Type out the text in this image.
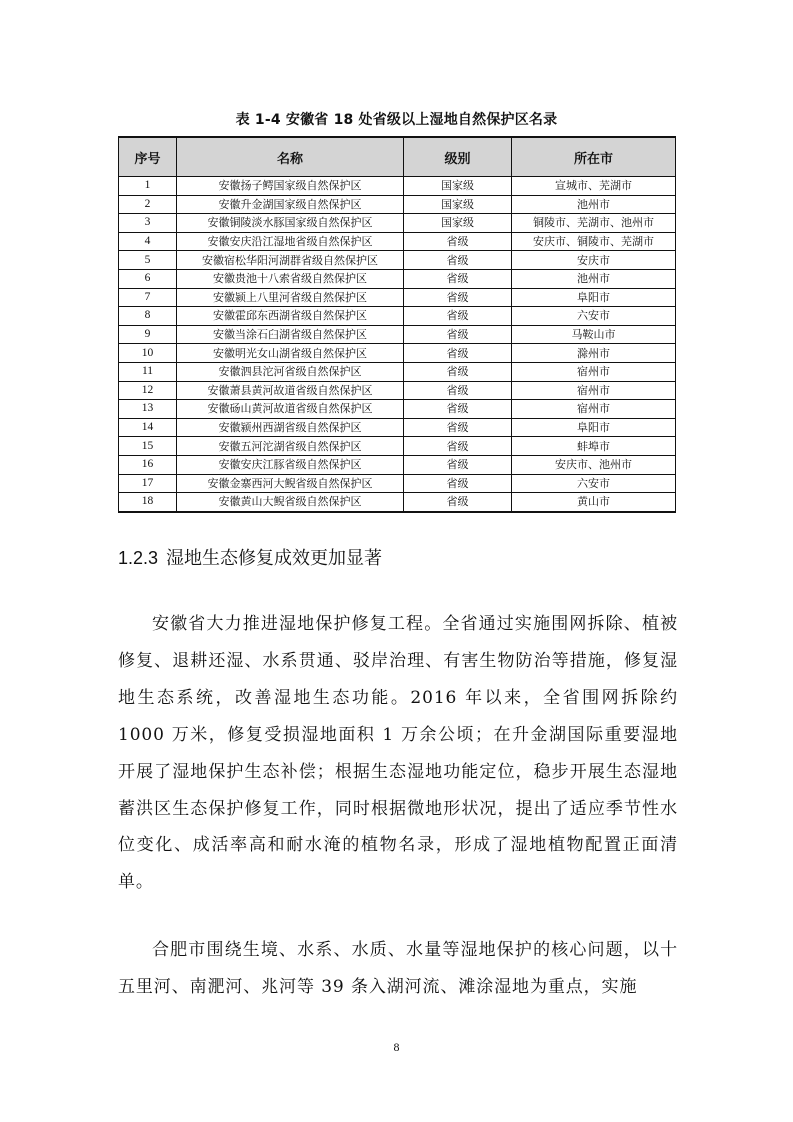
表 1-4 安徽省 18 处省级以上湿地自然保护区名录
序号	名称	级别	所在市
1	安徽扬子鳄国家级自然保护区	国家级	宣城市、芜湖市
2	安徽升金湖国家级自然保护区	国家级	池州市
3	安徽铜陵淡水豚国家级自然保护区	国家级	铜陵市、芜湖市、池州市
4	安徽安庆沿江湿地省级自然保护区	省级	安庆市、铜陵市、芜湖市
5	安徽宿松华阳河湖群省级自然保护区	省级	安庆市
6	安徽贵池十八索省级自然保护区	省级	池州市
7	安徽颍上八里河省级自然保护区	省级	阜阳市
8	安徽霍邱东西湖省级自然保护区	省级	六安市
9	安徽当涂石臼湖省级自然保护区	省级	马鞍山市
10	安徽明光女山湖省级自然保护区	省级	滁州市
11	安徽泗县沱河省级自然保护区	省级	宿州市
12	安徽萧县黄河故道省级自然保护区	省级	宿州市
13	安徽砀山黄河故道省级自然保护区	省级	宿州市
14	安徽颍州西湖省级自然保护区	省级	阜阳市
15	安徽五河沱湖省级自然保护区	省级	蚌埠市
16	安徽安庆江豚省级自然保护区	省级	安庆市、池州市
17	安徽金寨西河大鲵省级自然保护区	省级	六安市
18	安徽黄山大鲵省级自然保护区	省级	黄山市
1.2.3 湿地生态修复成效更加显著
安徽省大力推进湿地保护修复工程。全省通过实施围网拆除、植被修复、退耕还湿、水系贯通、驳岸治理、有害生物防治等措施，修复湿地生态系统，改善湿地生态功能。2016 年以来，全省围网拆除约 1000 万米，修复受损湿地面积 1 万余公顷；在升金湖国际重要湿地开展了湿地保护生态补偿；根据生态湿地功能定位，稳步开展生态湿地蓄洪区生态保护修复工作，同时根据微地形状况，提出了适应季节性水位变化、成活率高和耐水淹的植物名录，形成了湿地植物配置正面清单。
合肥市围绕生境、水系、水质、水量等湿地保护的核心问题，以十五里河、南淝河、兆河等 39 条入湖河流、滩涂湿地为重点，实施
8
